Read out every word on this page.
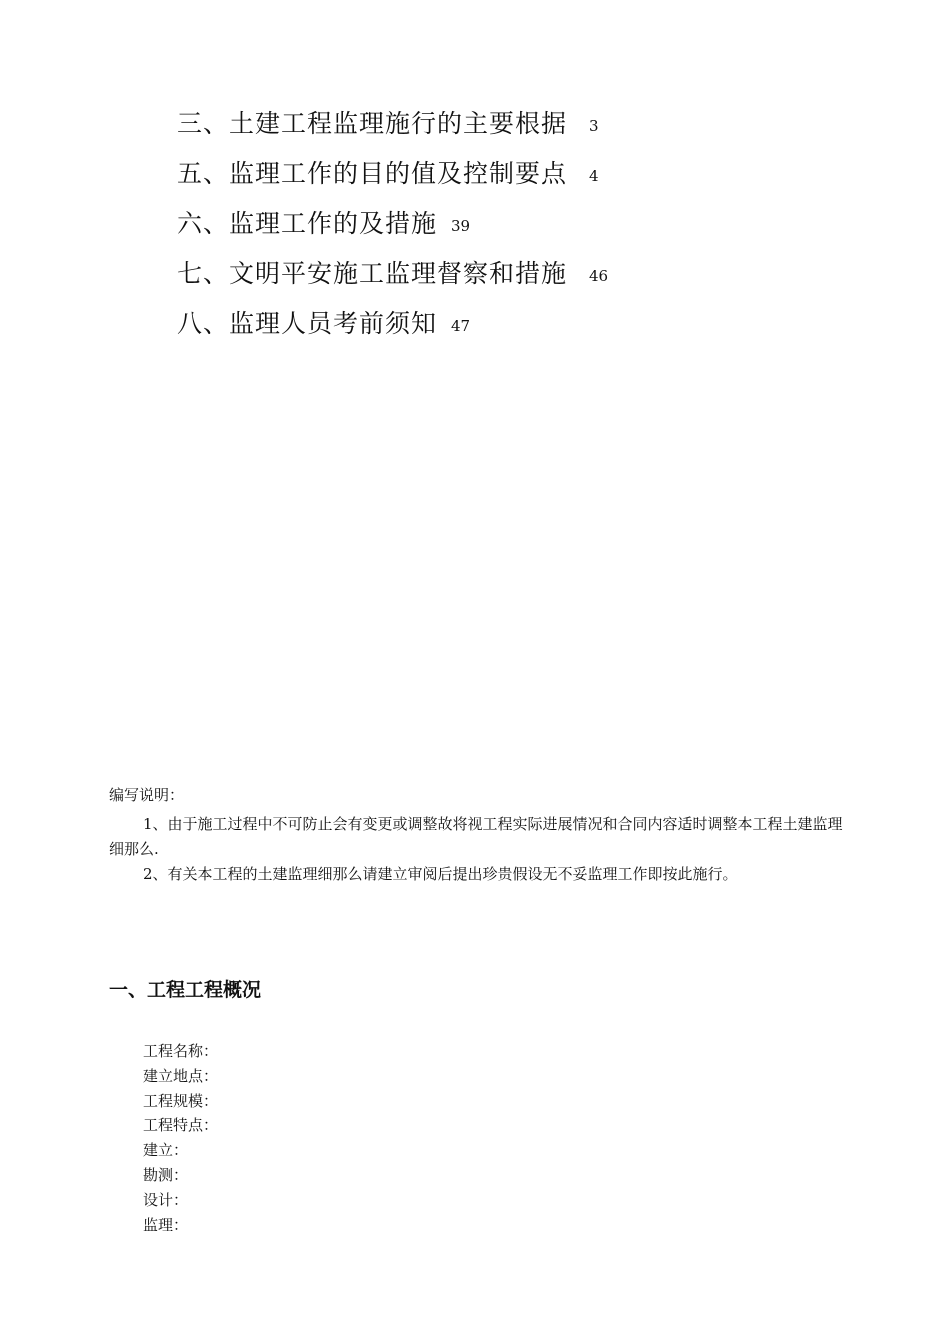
三、土建工程监理施行的主要根据 3
五、监理工作的目的值及控制要点 4
六、监理工作的及措施 39
七、文明平安施工监理督察和措施 46
八、监理人员考前须知 47
编写说明：
1、由于施工过程中不可防止会有变更或调整故将视工程实际进展情况和合同内容适时调整本工程土建监理细那么.
2、有关本工程的土建监理细那么请建立审阅后提出珍贵假设无不妥监理工作即按此施行。
一、工程工程概况
工程名称：
建立地点：
工程规模：
工程特点：
建立：
勘测：
设计：
监理：
